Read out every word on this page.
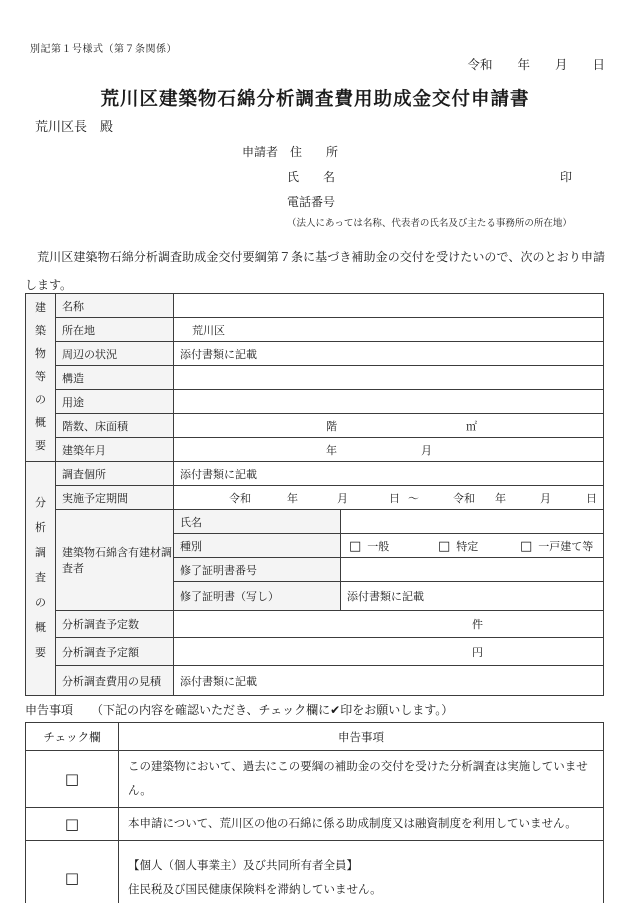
別記第１号様式（第７条関係）
令和　　年　　月　　日
荒川区建築物石綿分析調査費用助成金交付申請書
荒川区長　殿
申請者 住　　所
氏　　名	印
電話番号
（法人にあっては名称、代表者の氏名及び主たる事務所の所在地）
　荒川区建築物石綿分析調査助成金交付要綱第７条に基づき補助金の交付を受けたいので、次のとおり申請します。
建築物等の概要	名称		
	所在地	荒川区	

	周辺の状況	添付書類に記載	
	構造		
	用途		
	階数、床面積	階 ㎡	

	建築年月	年 月	

分析調査の概要	調査個所	添付書類に記載	
実施予定期間	令和	年	月	日 ～	令和 年	月	日

	建築物石綿含有建材調査者	氏名	
		種別	□ 一般 □ 特定 □ 一戸建て等

		修了証明書番号	
		修了証明書（写し）	添付書類に記載
	分析調査予定数	件	

	分析調査予定額	円	

	分析調査費用の見積	添付書類に記載	
申告事項 （下記の内容を確認いただき、チェック欄に✔印をお願いします。）
チェック欄	申告事項
□	この建築物において、過去にこの要綱の補助金の交付を受けた分析調査は実施していません。
□	本申請について、荒川区の他の石綿に係る助成制度又は融資制度を利用していません。
□	【個人（個人事業主）及び共同所有者全員】
住民税及び国民健康保険料を滞納していません。
